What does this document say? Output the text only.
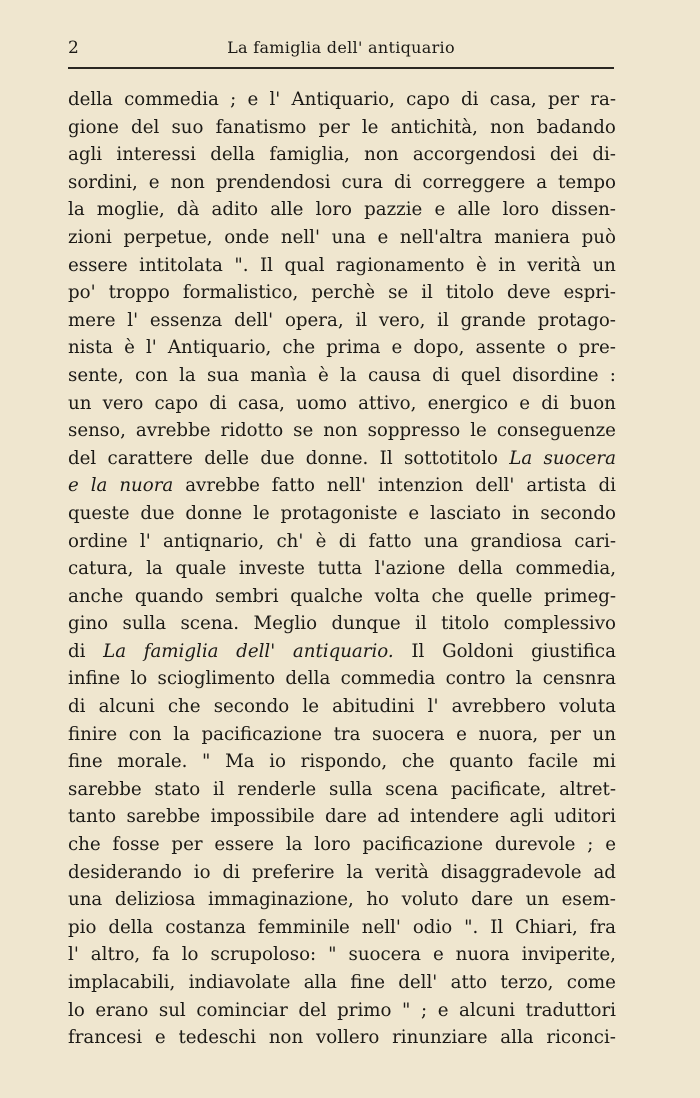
2	La famiglia dell' antiquario
della commedia ; e l' Antiquario, capo di casa, per ra-
gione del suo fanatismo per le antichità, non badando
agli interessi della famiglia, non accorgendosi dei di-
sordini, e non prendendosi cura di correggere a tempo
la moglie, dà adito alle loro pazzie e alle loro dissen-
zioni perpetue, onde nell' una e nell'altra maniera può
essere intitolata ". Il qual ragionamento è in verità un
po' troppo formalistico, perchè se il titolo deve espri-
mere l' essenza dell' opera, il vero, il grande protago-
nista è l' Antiquario, che prima e dopo, assente o pre-
sente, con la sua manìa è la causa di quel disordine :
un vero capo di casa, uomo attivo, energico e di buon
senso, avrebbe ridotto se non soppresso le conseguenze
del carattere delle due donne. Il sottotitolo La suocera
e la nuora avrebbe fatto nell' intenzion dell' artista di
queste due donne le protagoniste e lasciato in secondo
ordine l' antiqnario, ch' è di fatto una grandiosa cari-
catura, la quale investe tutta l'azione della commedia,
anche quando sembri qualche volta che quelle primeg-
gino sulla scena. Meglio dunque il titolo complessivo
di La famiglia dell' antiquario. Il Goldoni giustifica
infine lo scioglimento della commedia contro la censnra
di alcuni che secondo le abitudini l' avrebbero voluta
finire con la pacificazione tra suocera e nuora, per un
fine morale. " Ma io rispondo, che quanto facile mi
sarebbe stato il renderle sulla scena pacificate, altret-
tanto sarebbe impossibile dare ad intendere agli uditori
che fosse per essere la loro pacificazione durevole ; e
desiderando io di preferire la verità disaggradevole ad
una deliziosa immaginazione, ho voluto dare un esem-
pio della costanza femminile nell' odio ". Il Chiari, fra
l' altro, fa lo scrupoloso: " suocera e nuora inviperite,
implacabili, indiavolate alla fine dell' atto terzo, come
lo erano sul cominciar del primo " ; e alcuni traduttori
francesi e tedeschi non vollero rinunziare alla riconci-
